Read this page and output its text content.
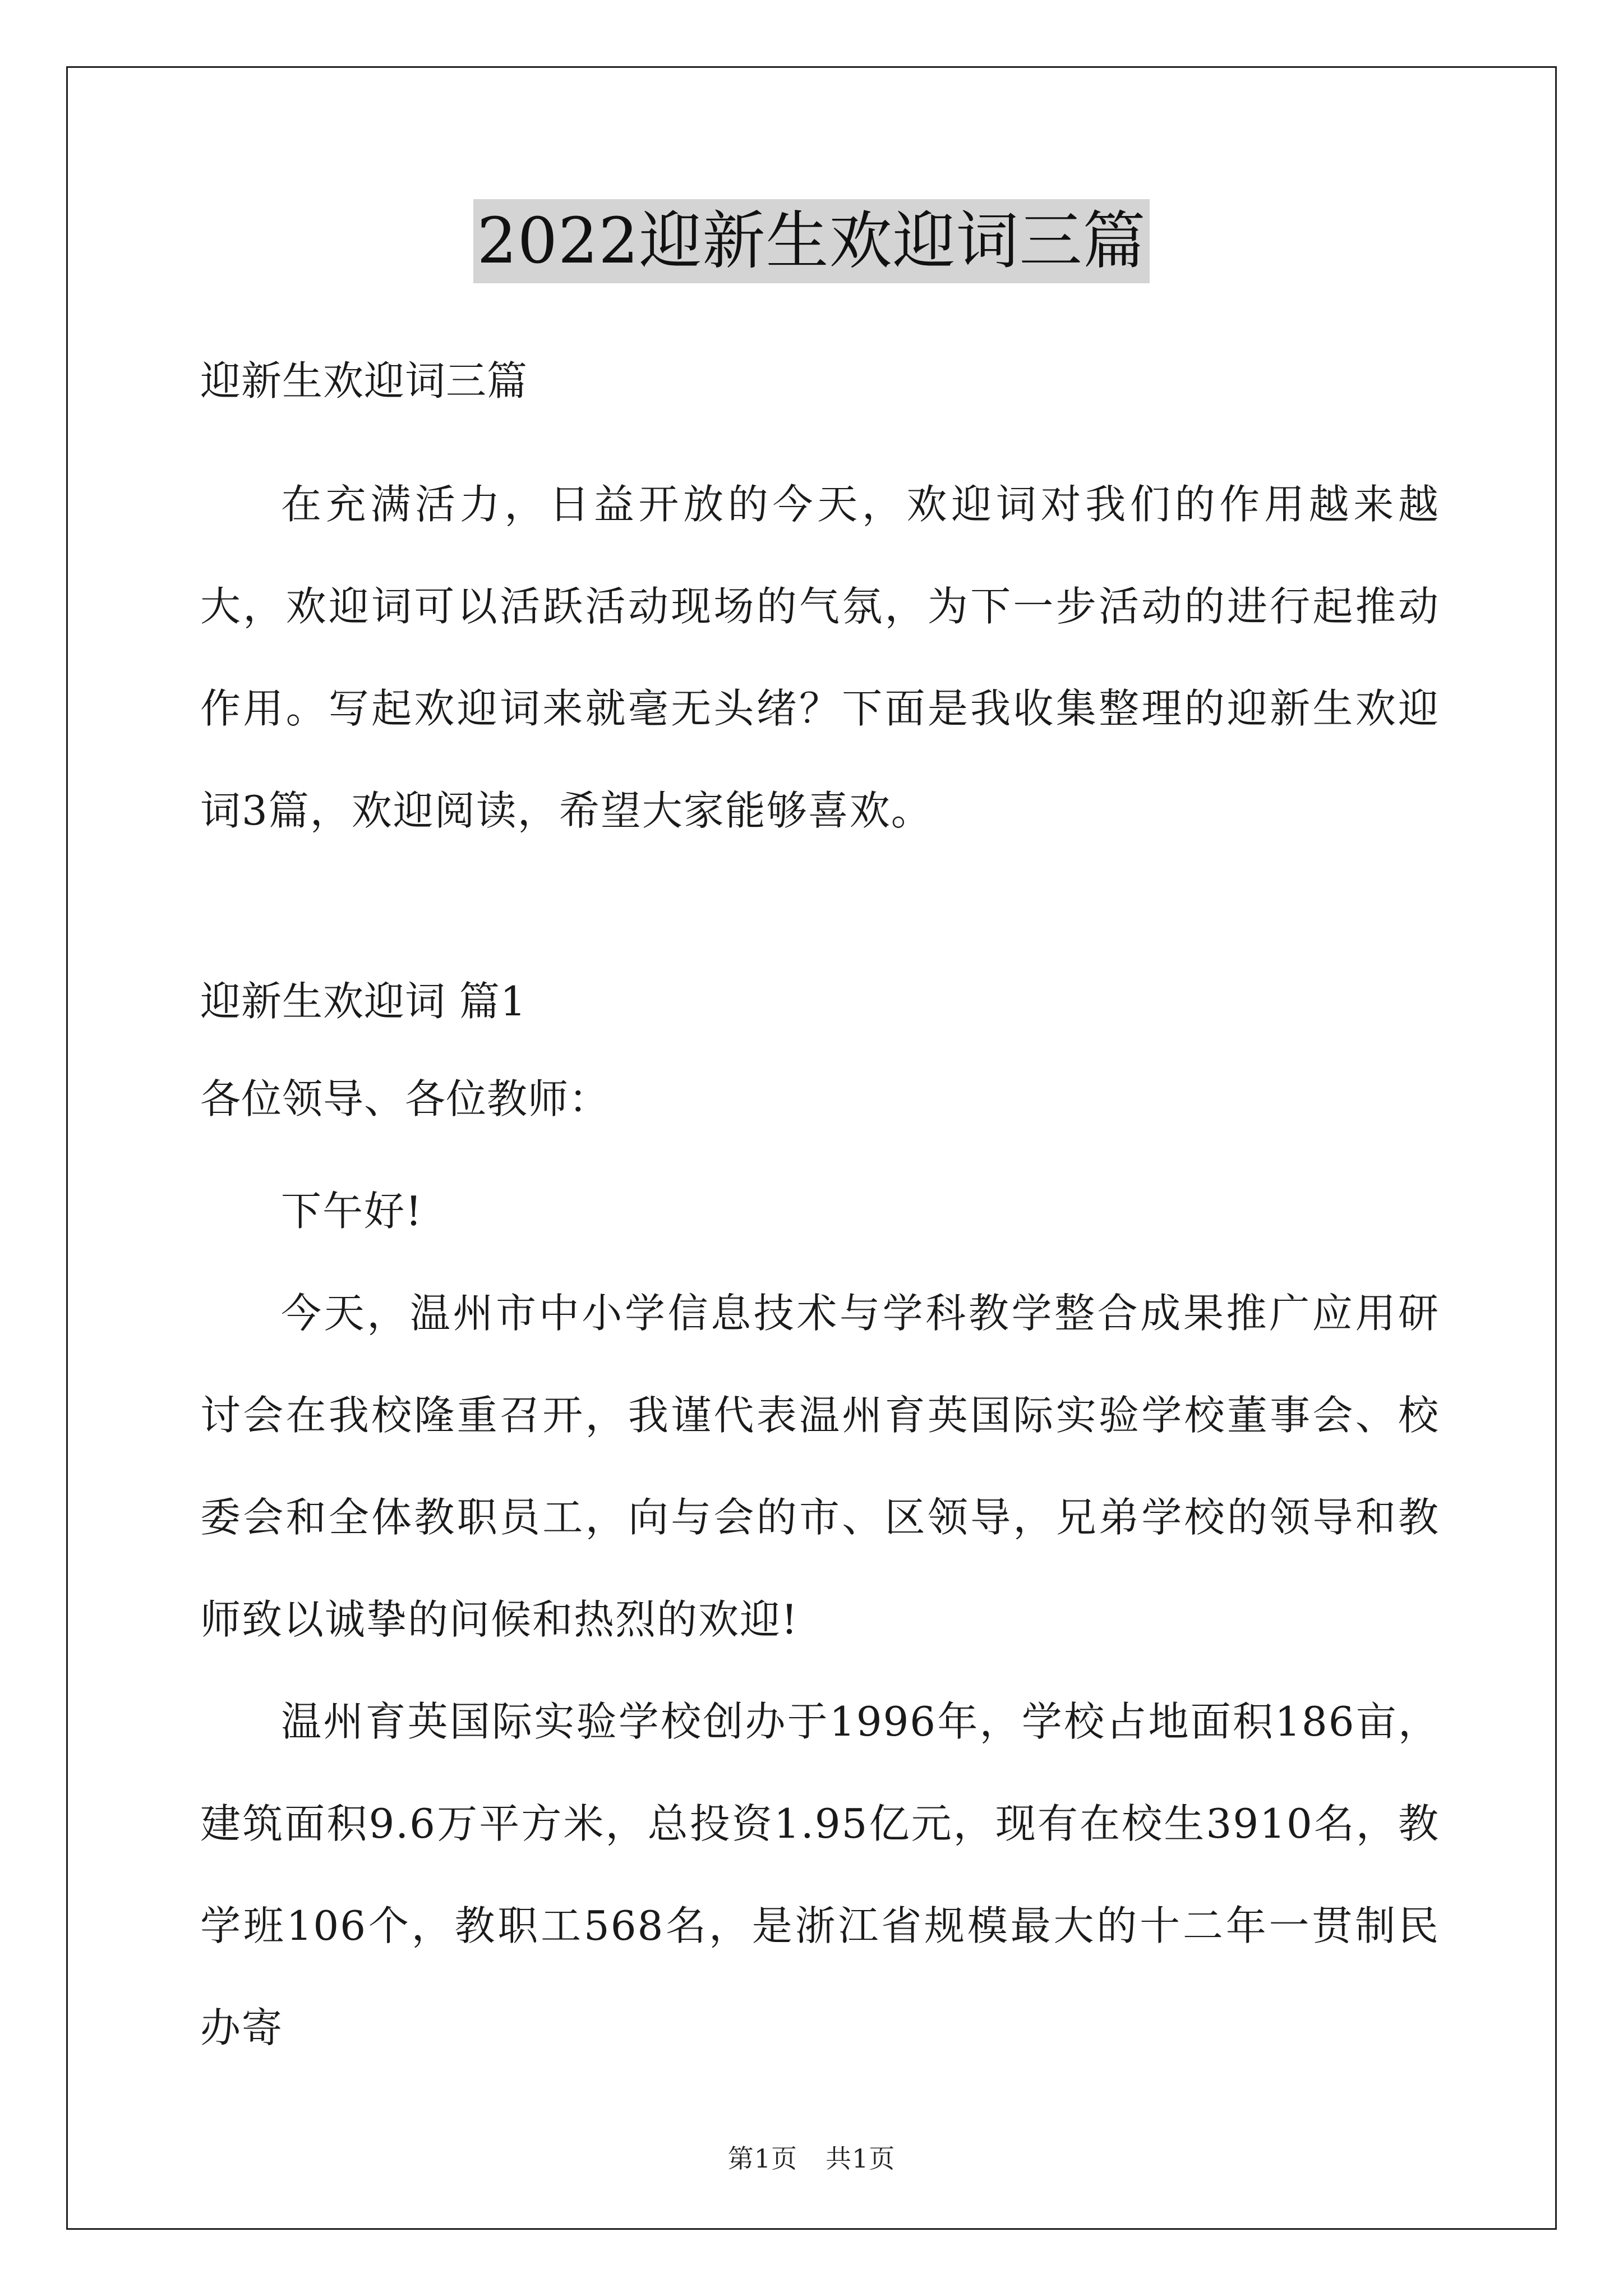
2022迎新生欢迎词三篇
迎新生欢迎词三篇

在充满活力，日益开放的今天，欢迎词对我们的作用越来越大，欢迎词可以活跃活动现场的气氛，为下一步活动的进行起推动作用。写起欢迎词来就毫无头绪？下面是我收集整理的迎新生欢迎词3篇，欢迎阅读，希望大家能够喜欢。

迎新生欢迎词 篇1
各位领导、各位教师：

下午好!

今天，温州市中小学信息技术与学科教学整合成果推广应用研讨会在我校隆重召开，我谨代表温州育英国际实验学校董事会、校委会和全体教职员工，向与会的市、区领导，兄弟学校的领导和教师致以诚挚的问候和热烈的欢迎!

温州育英国际实验学校创办于1996年，学校占地面积186亩，建筑面积9.6万平方米，总投资1.95亿元，现有在校生3910名，教学班106个，教职工568名，是浙江省规模最大的十二年一贯制民办寄

第1页 共1页
